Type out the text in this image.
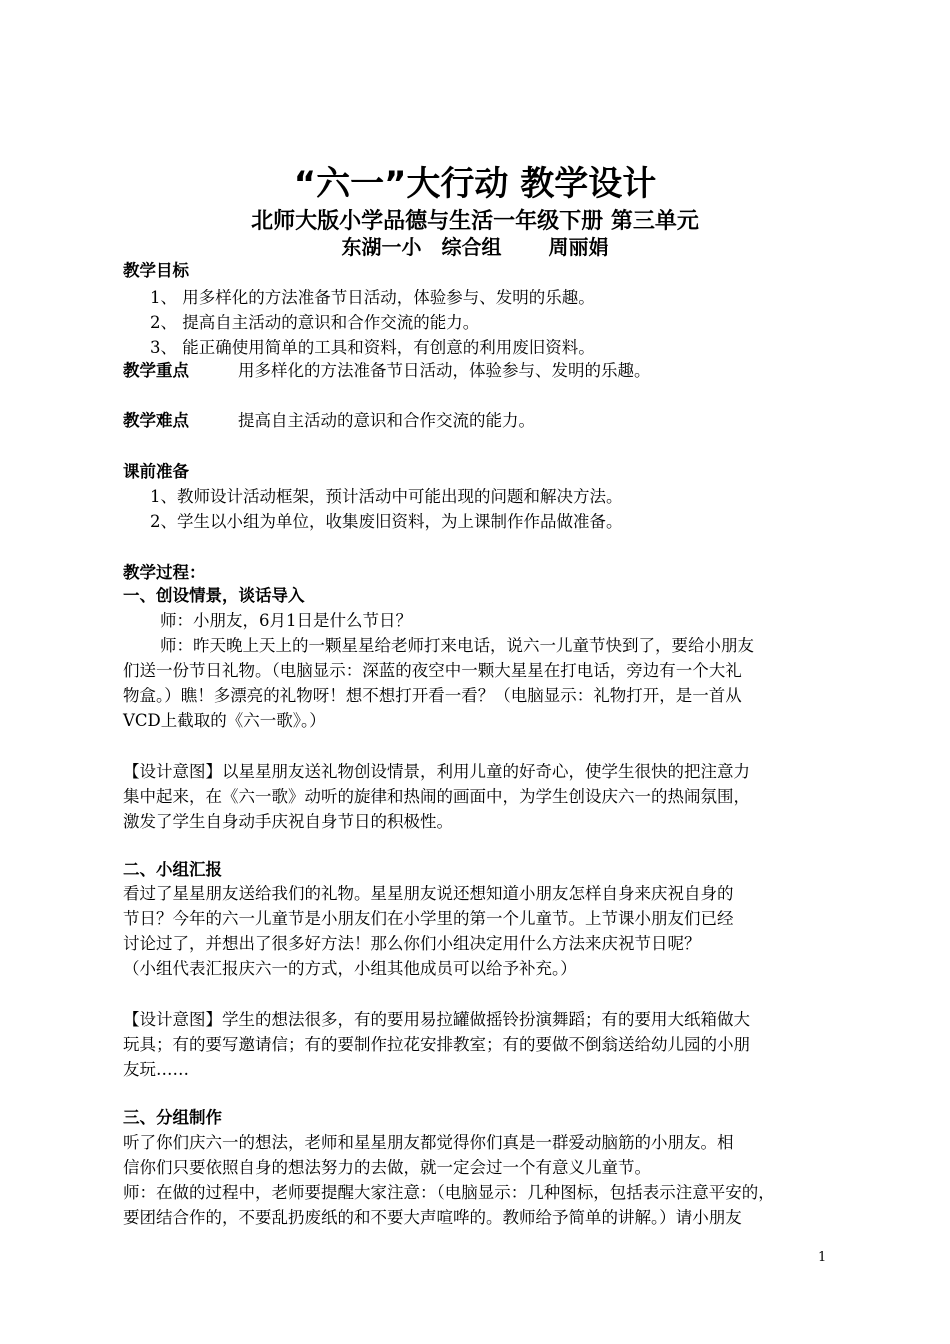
“六一”大行动 教学设计
北师大版小学品德与生活一年级下册 第三单元
东湖一小　综合组　　 周丽娟
教学目标
1、 用多样化的方法准备节日活动，体验参与、发明的乐趣。
2、 提高自主活动的意识和合作交流的能力。
3、 能正确使用简单的工具和资料，有创意的利用废旧资料。
教学重点	用多样化的方法准备节日活动，体验参与、发明的乐趣。
教学难点	提高自主活动的意识和合作交流的能力。
课前准备
1、教师设计活动框架，预计活动中可能出现的问题和解决方法。
2、学生以小组为单位，收集废旧资料，为上课制作作品做准备。
教学过程：
一、创设情景，谈话导入
师：小朋友，6月1日是什么节日？
师：昨天晚上天上的一颗星星给老师打来电话，说六一儿童节快到了，要给小朋友
们送一份节日礼物。（电脑显示：深蓝的夜空中一颗大星星在打电话，旁边有一个大礼
物盒。）瞧！多漂亮的礼物呀！想不想打开看一看？（电脑显示：礼物打开，是一首从
VCD上截取的《六一歌》。）
【设计意图】以星星朋友送礼物创设情景，利用儿童的好奇心，使学生很快的把注意力
集中起来，在《六一歌》动听的旋律和热闹的画面中，为学生创设庆六一的热闹氛围，
激发了学生自身动手庆祝自身节日的积极性。
二、小组汇报
看过了星星朋友送给我们的礼物。星星朋友说还想知道小朋友怎样自身来庆祝自身的
节日？今年的六一儿童节是小朋友们在小学里的第一个儿童节。上节课小朋友们已经
讨论过了，并想出了很多好方法！那么你们小组决定用什么方法来庆祝节日呢？
（小组代表汇报庆六一的方式，小组其他成员可以给予补充。）
【设计意图】学生的想法很多，有的要用易拉罐做摇铃扮演舞蹈；有的要用大纸箱做大
玩具；有的要写邀请信；有的要制作拉花安排教室；有的要做不倒翁送给幼儿园的小朋
友玩……
三、分组制作
听了你们庆六一的想法，老师和星星朋友都觉得你们真是一群爱动脑筋的小朋友。相
信你们只要依照自身的想法努力的去做，就一定会过一个有意义儿童节。
师：在做的过程中，老师要提醒大家注意：（电脑显示：几种图标，包括表示注意平安的，
要团结合作的，不要乱扔废纸的和不要大声喧哗的。教师给予简单的讲解。）请小朋友
1
